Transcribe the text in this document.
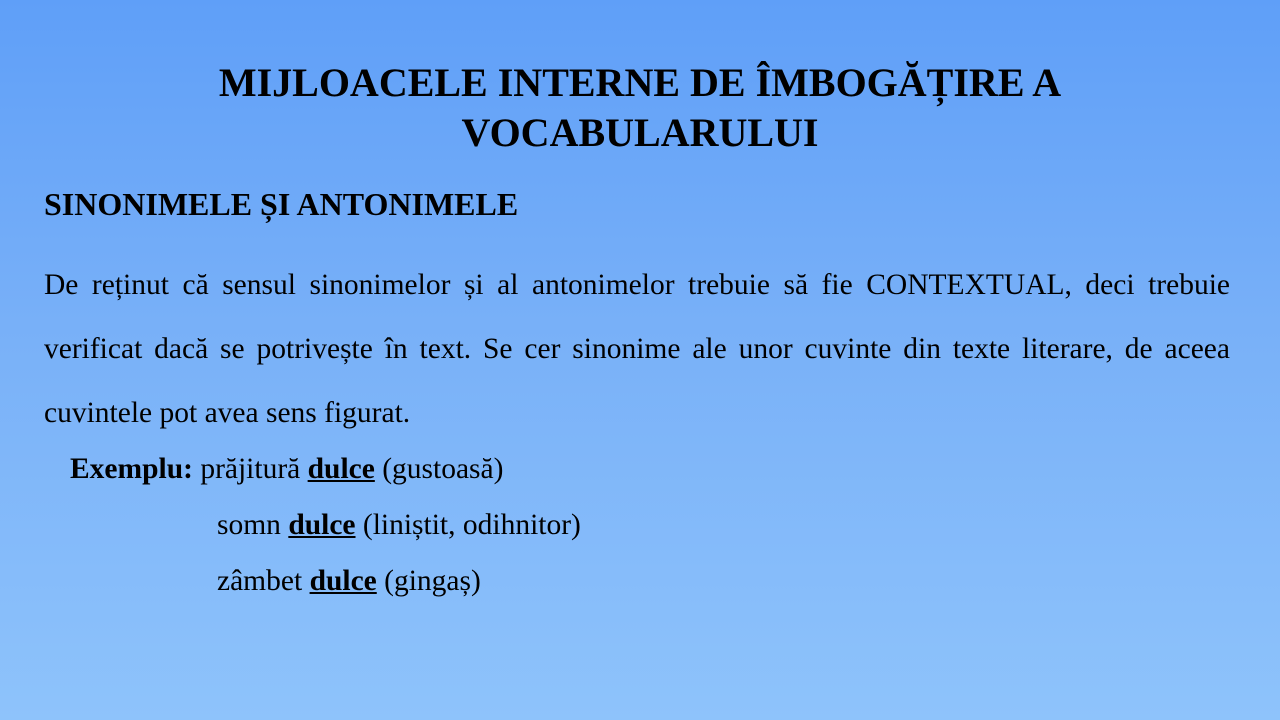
MIJLOACELE INTERNE DE ÎMBOGĂȚIRE A
VOCABULARULUI
SINONIMELE ȘI ANTONIMELE

De reținut că sensul sinonimelor și al antonimelor trebuie să fie CONTEXTUAL, deci trebuie verificat dacă se potrivește în text. Se cer sinonime ale unor cuvinte din texte literare, de aceea cuvintele pot avea sens figurat.

Exemplu: prăjitură dulce (gustoasă)
somn dulce (liniștit, odihnitor)
zâmbet dulce (gingaș)
